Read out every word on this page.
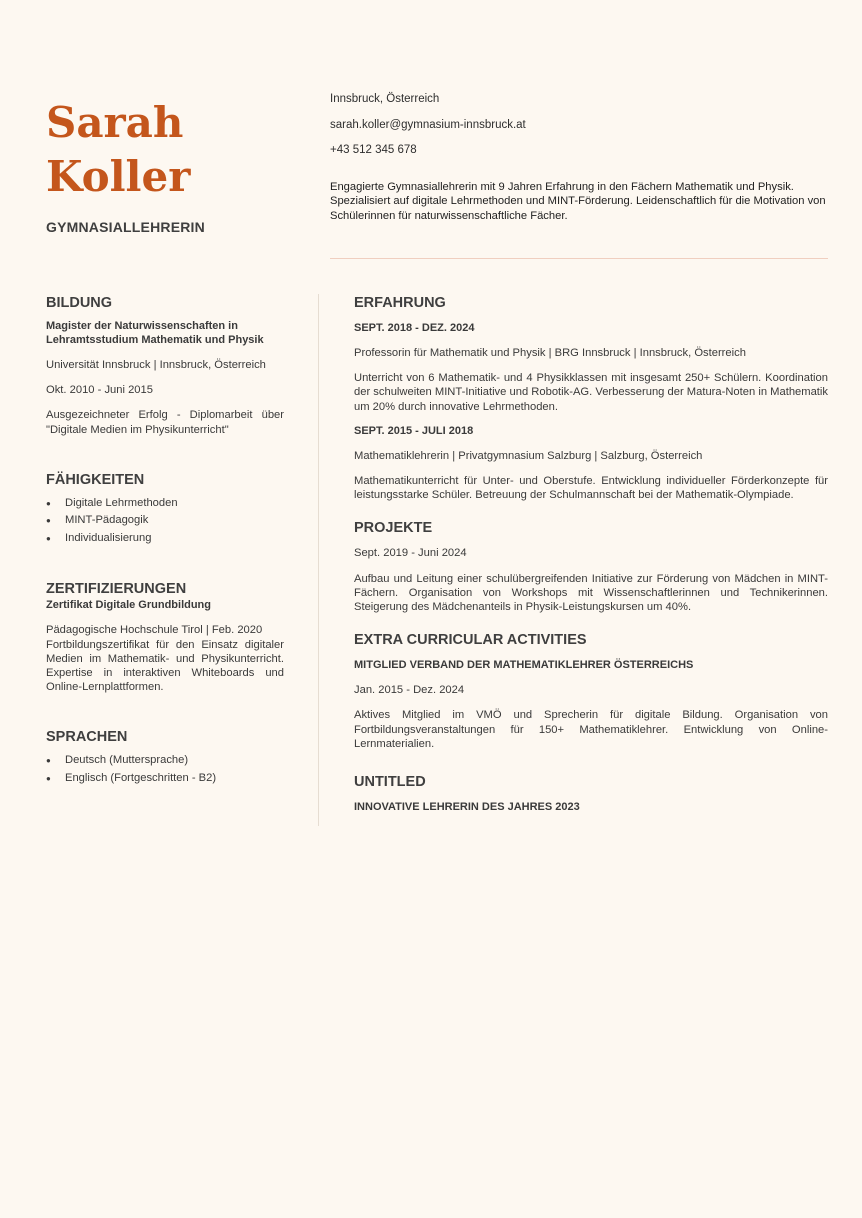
Sarah
Koller
GYMNASIALLEHRERIN
Innsbruck, Österreich
sarah.koller@gymnasium-innsbruck.at
+43 512 345 678
Engagierte Gymnasiallehrerin mit 9 Jahren Erfahrung in den Fächern Mathematik und Physik. Spezialisiert auf digitale Lehrmethoden und MINT-Förderung. Leidenschaftlich für die Motivation von Schülerinnen für naturwissenschaftliche Fächer.
BILDUNG
Magister der Naturwissenschaften in Lehramtsstudium Mathematik und Physik
Universität Innsbruck | Innsbruck, Österreich
Okt. 2010 - Juni 2015

Ausgezeichneter Erfolg - Diplomarbeit über "Digitale Medien im Physikunterricht"

FÄHIGKEITEN
● Digitale Lehrmethoden
● MINT-Pädagogik
● Individualisierung
ZERTIFIZIERUNGEN
Zertifikat Digitale Grundbildung
Pädagogische Hochschule Tirol | Feb. 2020

Fortbildungszertifikat für den Einsatz digitaler Medien im Mathematik- und Physikunterricht. Expertise in interaktiven Whiteboards und Online-Lernplattformen.

SPRACHEN
● Deutsch (Muttersprache)
● Englisch (Fortgeschritten - B2)
ERFAHRUNG
SEPT. 2018 - DEZ. 2024
Professorin für Mathematik und Physik | BRG Innsbruck | Innsbruck, Österreich

Unterricht von 6 Mathematik- und 4 Physikklassen mit insgesamt 250+ Schülern. Koordination der schulweiten MINT-Initiative und Robotik-AG. Verbesserung der Matura-Noten in Mathematik um 20% durch innovative Lehrmethoden.

SEPT. 2015 - JULI 2018
Mathematiklehrerin | Privatgymnasium Salzburg | Salzburg, Österreich

Mathematikunterricht für Unter- und Oberstufe. Entwicklung individueller Förderkonzepte für leistungsstarke Schüler. Betreuung der Schulmannschaft bei der Mathematik-Olympiade.

PROJEKTE
Sept. 2019 - Juni 2024

Aufbau und Leitung einer schulübergreifenden Initiative zur Förderung von Mädchen in MINT-Fächern. Organisation von Workshops mit Wissenschaftlerinnen und Technikerinnen. Steigerung des Mädchenanteils in Physik-Leistungskursen um 40%.

EXTRA CURRICULAR ACTIVITIES
MITGLIED VERBAND DER MATHEMATIKLEHRER ÖSTERREICHS
Jan. 2015 - Dez. 2024

Aktives Mitglied im VMÖ und Sprecherin für digitale Bildung. Organisation von Fortbildungsveranstaltungen für 150+ Mathematiklehrer. Entwicklung von Online-Lernmaterialien.

UNTITLED
INNOVATIVE LEHRERIN DES JAHRES 2023
